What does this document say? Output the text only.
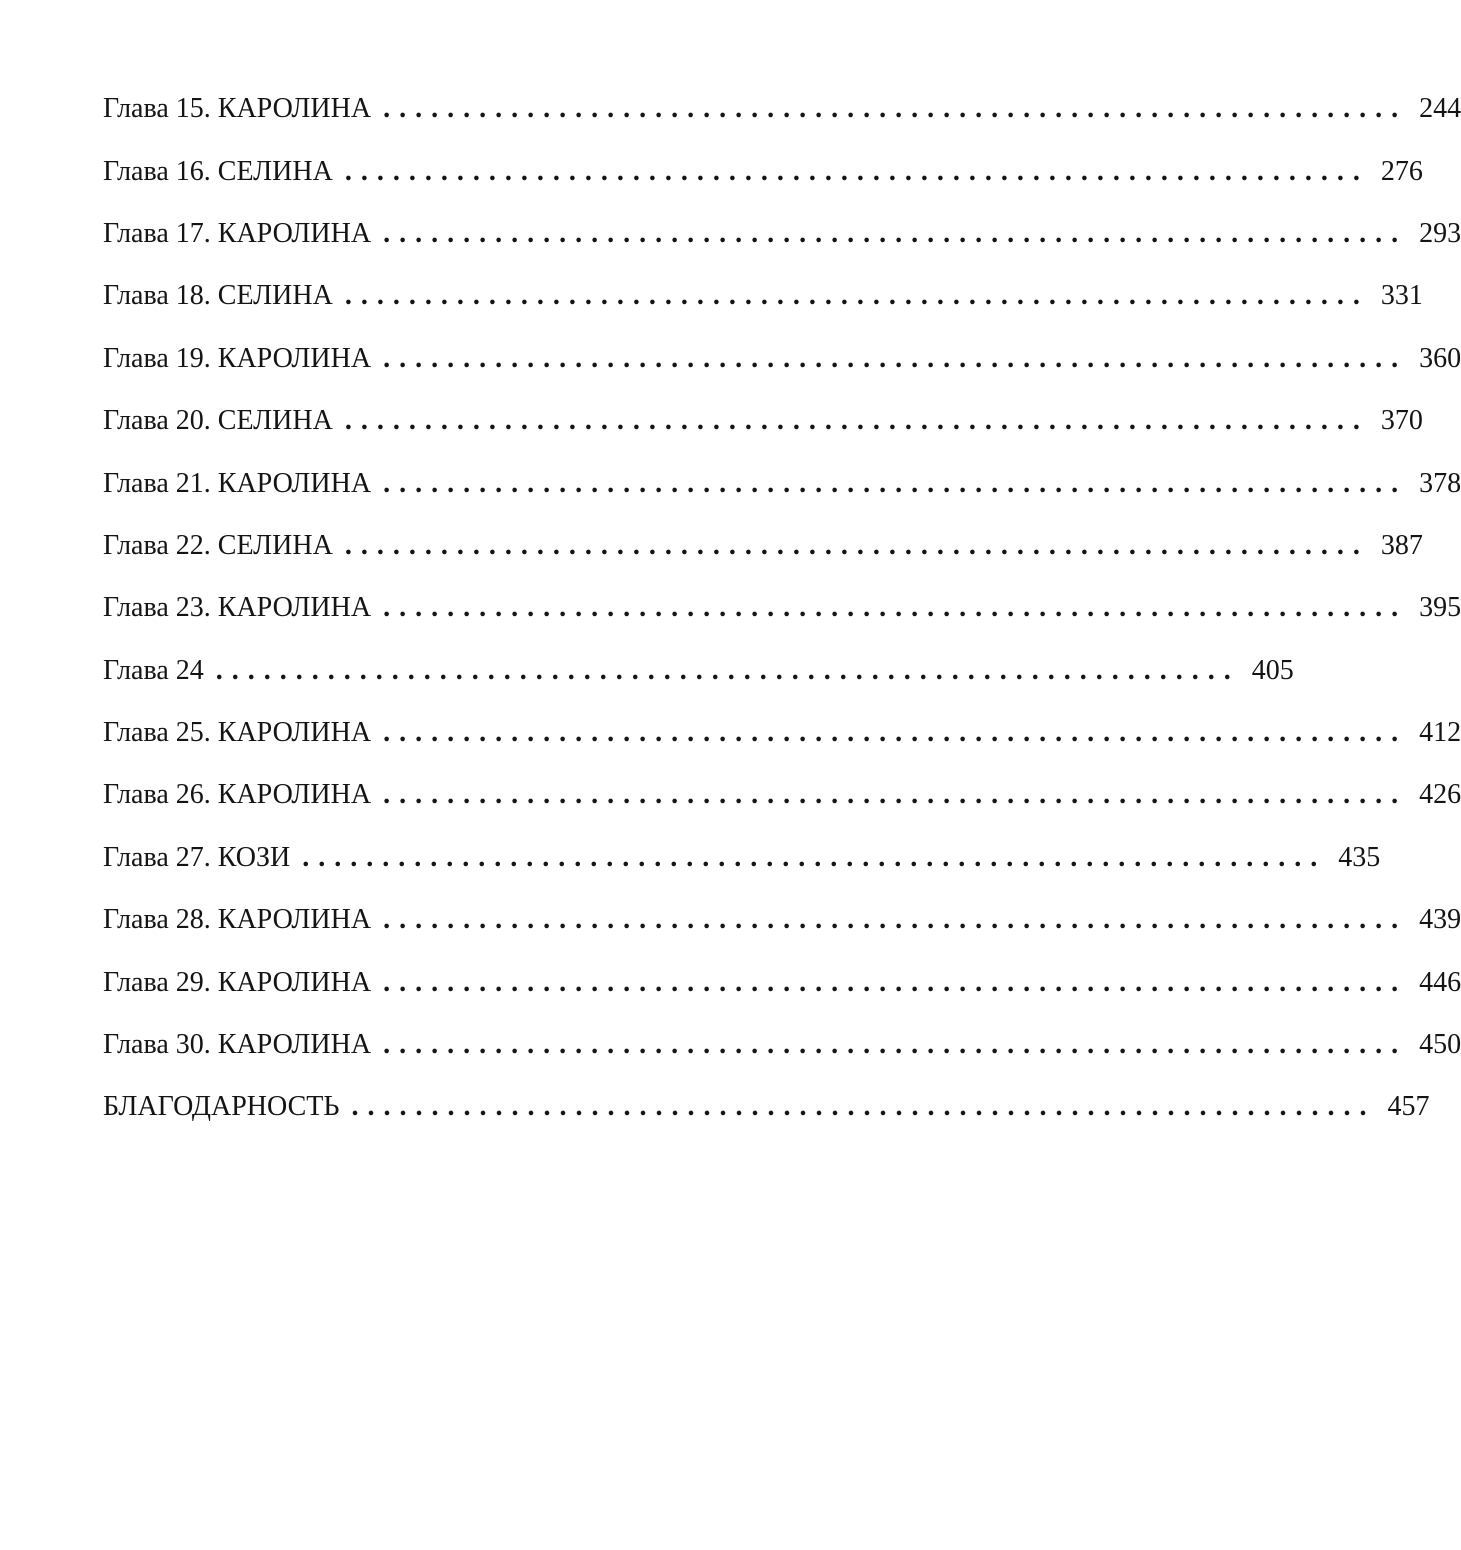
Глава 15. КАРОЛИНА ................................................................ 244
Глава 16. СЕЛИНА ................................................................ 276
Глава 17. КАРОЛИНА ................................................................ 293
Глава 18. СЕЛИНА ................................................................ 331
Глава 19. КАРОЛИНА ................................................................ 360
Глава 20. СЕЛИНА ................................................................ 370
Глава 21. КАРОЛИНА ................................................................ 378
Глава 22. СЕЛИНА ................................................................ 387
Глава 23. КАРОЛИНА ................................................................ 395
Глава 24 ................................................................ 405
Глава 25. КАРОЛИНА ................................................................ 412
Глава 26. КАРОЛИНА ................................................................ 426
Глава 27. КОЗИ ................................................................ 435
Глава 28. КАРОЛИНА ................................................................ 439
Глава 29. КАРОЛИНА ................................................................ 446
Глава 30. КАРОЛИНА ................................................................ 450
БЛАГОДАРНОСТЬ ................................................................ 457
